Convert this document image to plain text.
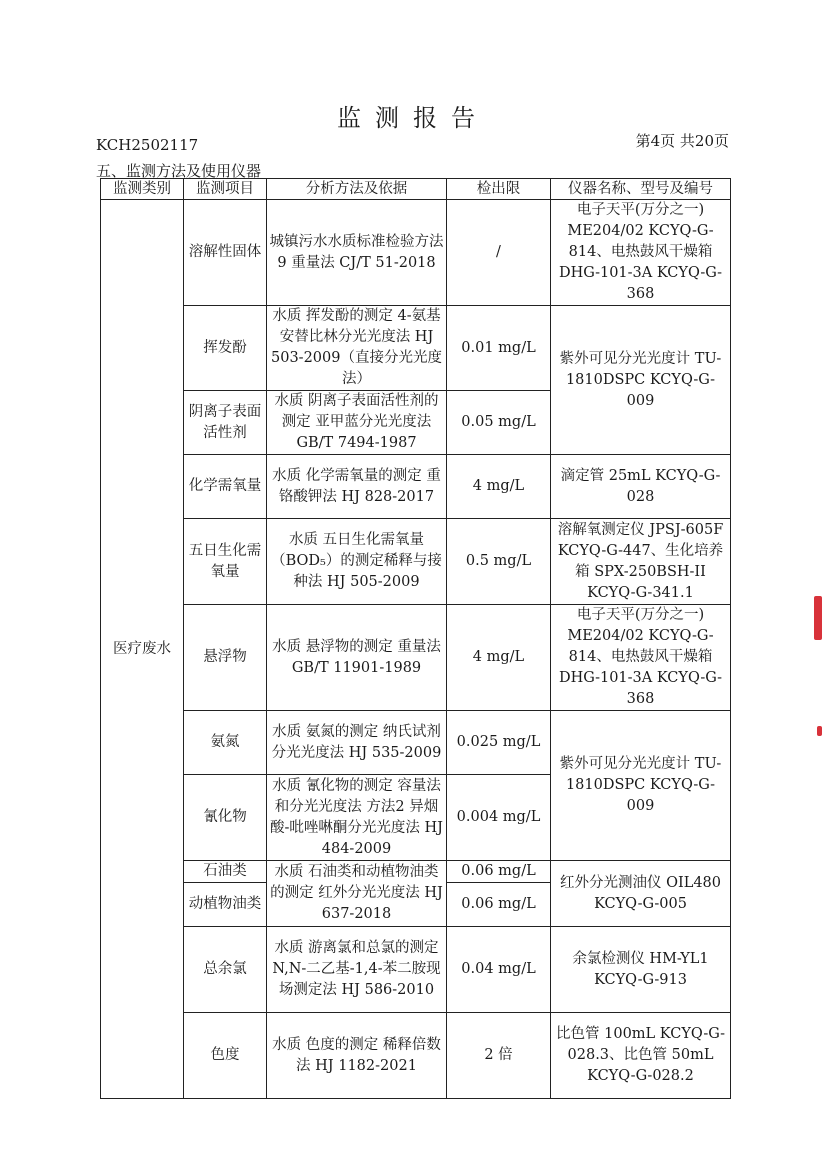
监测报告
KCH2502117	第4页 共20页
五、监测方法及使用仪器
监测类别	监测项目	分析方法及依据	检出限	仪器名称、型号及编号
医疗废水	溶解性固体	城镇污水水质标准检验方法 9 重量法 CJ/T 51-2018	/	电子天平(万分之一) ME204/02 KCYQ-G-814、电热鼓风干燥箱 DHG-101-3A KCYQ-G-368
	挥发酚	水质 挥发酚的测定 4-氨基安替比林分光光度法 HJ 503-2009（直接分光光度法）	0.01 mg/L	紫外可见分光光度计 TU-1810DSPC KCYQ-G-009
	阴离子表面活性剂	水质 阴离子表面活性剂的测定 亚甲蓝分光光度法 GB/T 7494-1987	0.05 mg/L	
	化学需氧量	水质 化学需氧量的测定 重铬酸钾法 HJ 828-2017	4 mg/L	滴定管 25mL KCYQ-G-028
	五日生化需氧量	水质 五日生化需氧量（BOD₅）的测定稀释与接种法 HJ 505-2009	0.5 mg/L	溶解氧测定仪 JPSJ-605F KCYQ-G-447、生化培养箱 SPX-250BSH-II KCYQ-G-341.1
	悬浮物	水质 悬浮物的测定 重量法 GB/T 11901-1989	4 mg/L	电子天平(万分之一) ME204/02 KCYQ-G-814、电热鼓风干燥箱 DHG-101-3A KCYQ-G-368
	氨氮	水质 氨氮的测定 纳氏试剂分光光度法 HJ 535-2009	0.025 mg/L	紫外可见分光光度计 TU-1810DSPC KCYQ-G-009
	氰化物	水质 氰化物的测定 容量法和分光光度法 方法2 异烟酸-吡唑啉酮分光光度法 HJ 484-2009	0.004 mg/L	
	石油类	水质 石油类和动植物油类的测定 红外分光光度法 HJ 637-2018	0.06 mg/L	红外分光测油仪 OIL480 KCYQ-G-005
	动植物油类		0.06 mg/L	
	总余氯	水质 游离氯和总氯的测定 N,N-二乙基-1,4-苯二胺现场测定法 HJ 586-2010	0.04 mg/L	余氯检测仪 HM-YL1 KCYQ-G-913
	色度	水质 色度的测定 稀释倍数法 HJ 1182-2021	2 倍	比色管 100mL KCYQ-G-028.3、比色管 50mL KCYQ-G-028.2
